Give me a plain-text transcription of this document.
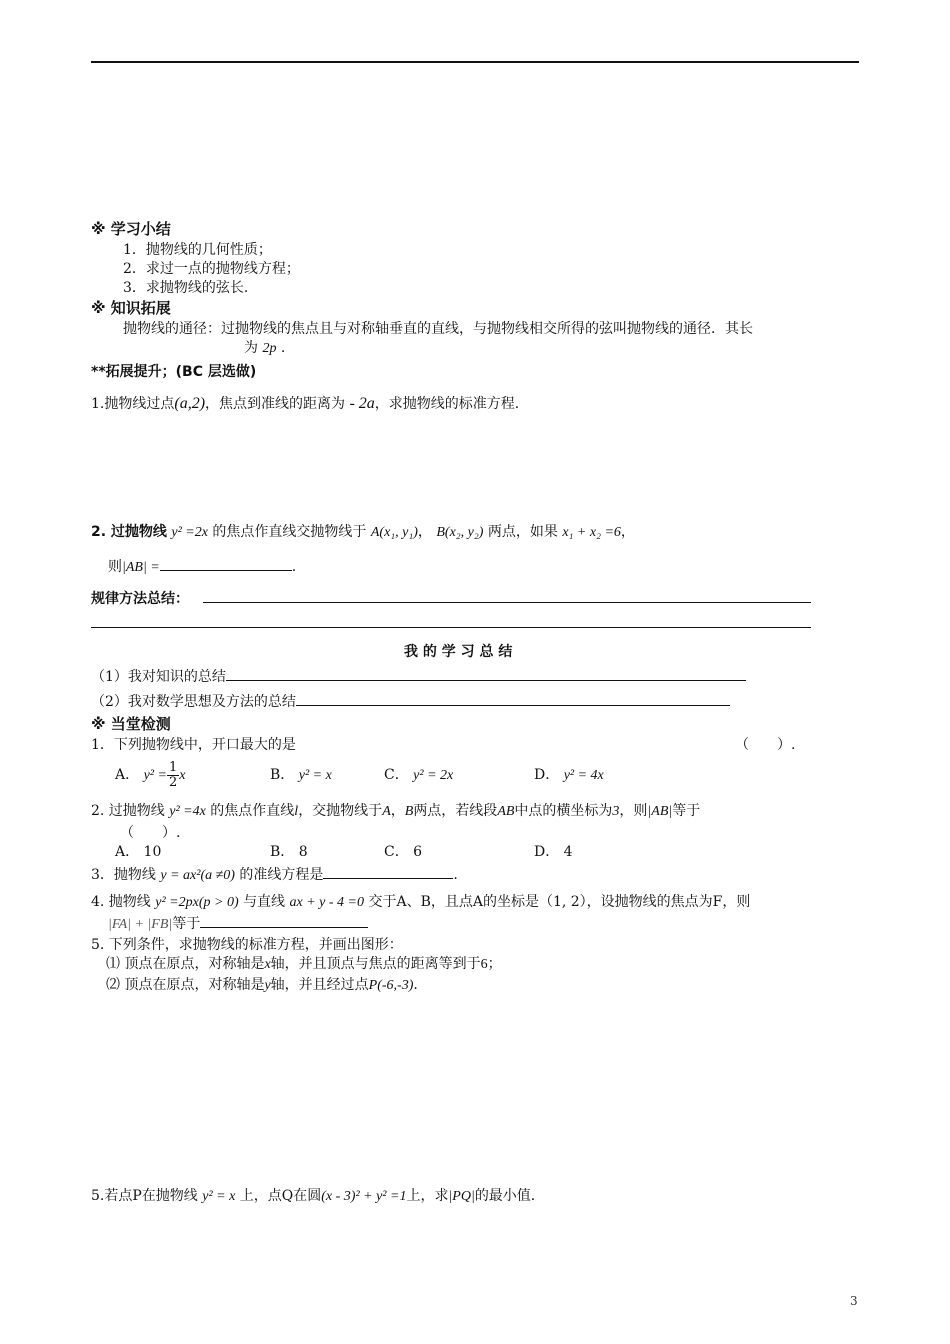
※ 学习小结
1．抛物线的几何性质；
2．求过一点的抛物线方程；
3．求抛物线的弦长.
※ 知识拓展
抛物线的通径：过抛物线的焦点且与对称轴垂直的直线，与抛物线相交所得的弦叫抛物线的通径．其长
为 2p .
**拓展提升；(BC 层选做)
1.抛物线过点(a,2)，焦点到准线的距离为 - 2a，求抛物线的标准方程.
2. 过抛物线 y² =2x 的焦点作直线交抛物线于 A(x₁, y₁)， B(x₂, y₂) 两点，如果 x₁ + x₂ =6，
则|AB| =	.
规律方法总结：
我 的 学 习 总 结
（1）我对知识的总结
（2）我对数学思想及方法的总结
※ 当堂检测
1．下列抛物线中，开口最大的是	（　　）.
A． $y^2 = \frac{1}{2}$ x	B． y² = x	C． y² = 2x	D． y² = 4x
2. 过抛物线 y² =4x 的焦点作直线l，交抛物线于A，B两点，若线段AB中点的横坐标为3，则|AB|等于
（　　）.
A． 10	B． 8	C． 6	D． 4
3．抛物线 y = ax²(a ≠0) 的准线方程是	.
4. 抛物线 y² =2px(p > 0) 与直线 ax + y - 4 =0 交于A、B，且点A的坐标是（1, 2），设抛物线的焦点为F，则
|FA| + |FB|等于
5. 下列条件，求抛物线的标准方程，并画出图形：
⑴ 顶点在原点，对称轴是x轴，并且顶点与焦点的距离等到于6；
⑵ 顶点在原点，对称轴是y轴，并且经过点P(-6,-3).
5.若点P在抛物线 y² = x 上，点Q在圆(x - 3)² + y² =1上，求|PQ|的最小值.
3
